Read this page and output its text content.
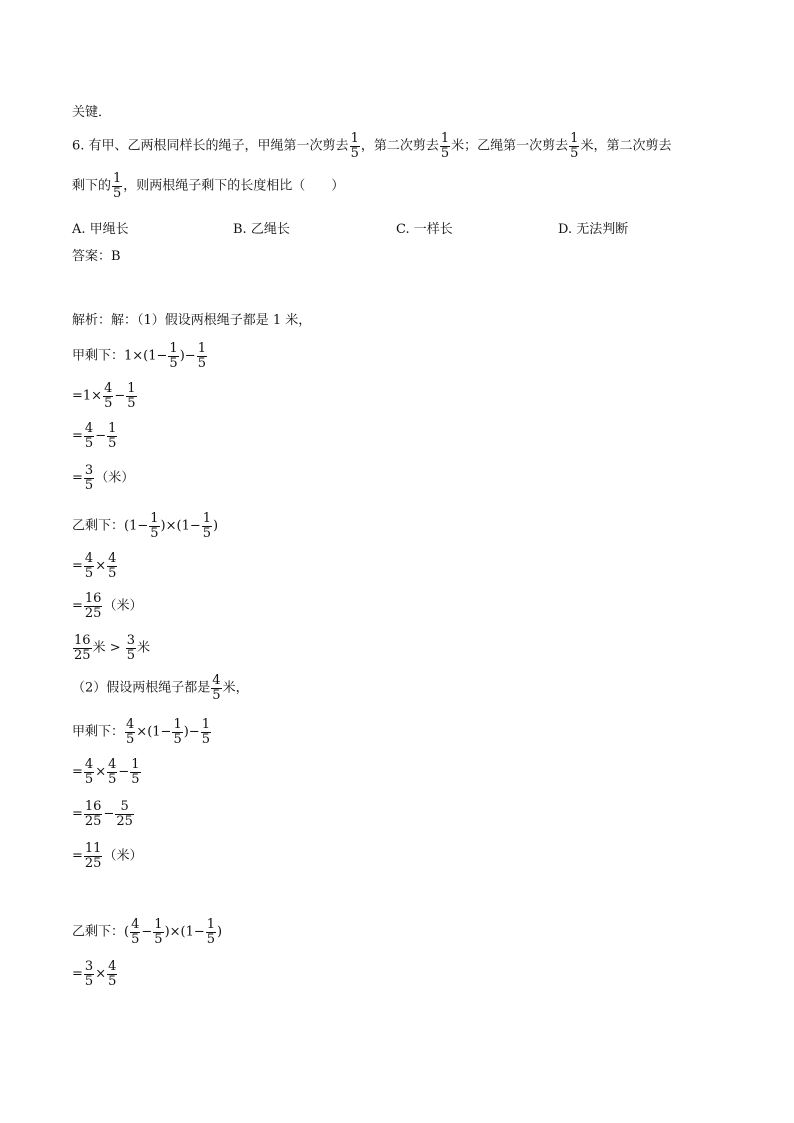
关键．
6. 有甲、乙两根同样长的绳子，甲绳第一次剪去 $\frac{1}{5}$ ，第二次剪去 $\frac{1}{5}$ 米；乙绳第一次剪去 $\frac{1}{5}$ 米，第二次剪去
剩下的 $\frac{1}{5}$ ，则两根绳子剩下的长度相比（　　）
A. 甲绳长	B. 乙绳长	C. 一样长	D. 无法判断
答案：B
解析：解：（1）假设两根绳子都是 1 米，
甲剩下：$1\times(1- \frac{1}{5}$ )− $\frac{1}{5}$
$=1\times \frac{4}{5} - \frac{1}{5}$
= $\frac{4}{5} - \frac{1}{5}$
= $\frac{3}{5}$ （米）
乙剩下：$(1- \frac{1}{5} )\times(1- \frac{1}{5}$ )
= $\frac{4}{5} \times \frac{4}{5}$
= $\frac{16}{25}$ （米）
$\frac{16}{25}$ 米 > $\frac{3}{5}$ 米
（2）假设两根绳子都是 $\frac{4}{5}$ 米，
甲剩下： $\frac{4}{5} \times(1- \frac{1}{5}$ )− $\frac{1}{5}$
= $\frac{4}{5} \times \frac{4}{5} - \frac{1}{5}$
= $\frac{16}{25} - \frac{5}{25}$
= $\frac{11}{25}$ （米）
乙剩下：( $\frac{4}{5} - \frac{1}{5} )\times(1- \frac{1}{5}$ )
= $\frac{3}{5} \times \frac{4}{5}$
